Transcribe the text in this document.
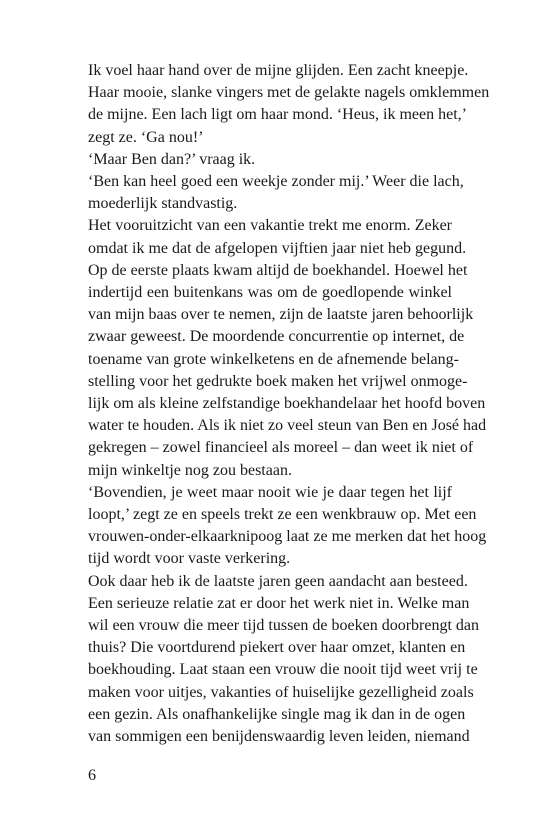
Ik voel haar hand over de mijne glijden. Een zacht kneepje.
Haar mooie, slanke vingers met de gelakte nagels omklemmen
de mijne. Een lach ligt om haar mond. ‘Heus, ik meen het,’
zegt ze. ‘Ga nou!’
‘Maar Ben dan?’ vraag ik.
‘Ben kan heel goed een weekje zonder mij.’ Weer die lach,
moederlijk standvastig.
Het vooruitzicht van een vakantie trekt me enorm. Zeker
omdat ik me dat de afgelopen vijftien jaar niet heb gegund.
Op de eerste plaats kwam altijd de boekhandel. Hoewel het
indertijd een buitenkans was om de goedlopende winkel
van mijn baas over te nemen, zijn de laatste jaren behoorlijk
zwaar geweest. De moordende concurrentie op internet, de
toename van grote winkelketens en de afnemende belang-
stelling voor het gedrukte boek maken het vrijwel onmoge-
lijk om als kleine zelfstandige boekhandelaar het hoofd boven
water te houden. Als ik niet zo veel steun van Ben en José had
gekregen – zowel financieel als moreel – dan weet ik niet of
mijn winkeltje nog zou bestaan.
‘Bovendien, je weet maar nooit wie je daar tegen het lijf
loopt,’ zegt ze en speels trekt ze een wenkbrauw op. Met een
vrouwen-onder-elkaarknipoog laat ze me merken dat het hoog
tijd wordt voor vaste verkering.
Ook daar heb ik de laatste jaren geen aandacht aan besteed.
Een serieuze relatie zat er door het werk niet in. Welke man
wil een vrouw die meer tijd tussen de boeken doorbrengt dan
thuis? Die voortdurend piekert over haar omzet, klanten en
boekhouding. Laat staan een vrouw die nooit tijd weet vrij te
maken voor uitjes, vakanties of huiselijke gezelligheid zoals
een gezin. Als onafhankelijke single mag ik dan in de ogen
van sommigen een benijdenswaardig leven leiden, niemand
6
